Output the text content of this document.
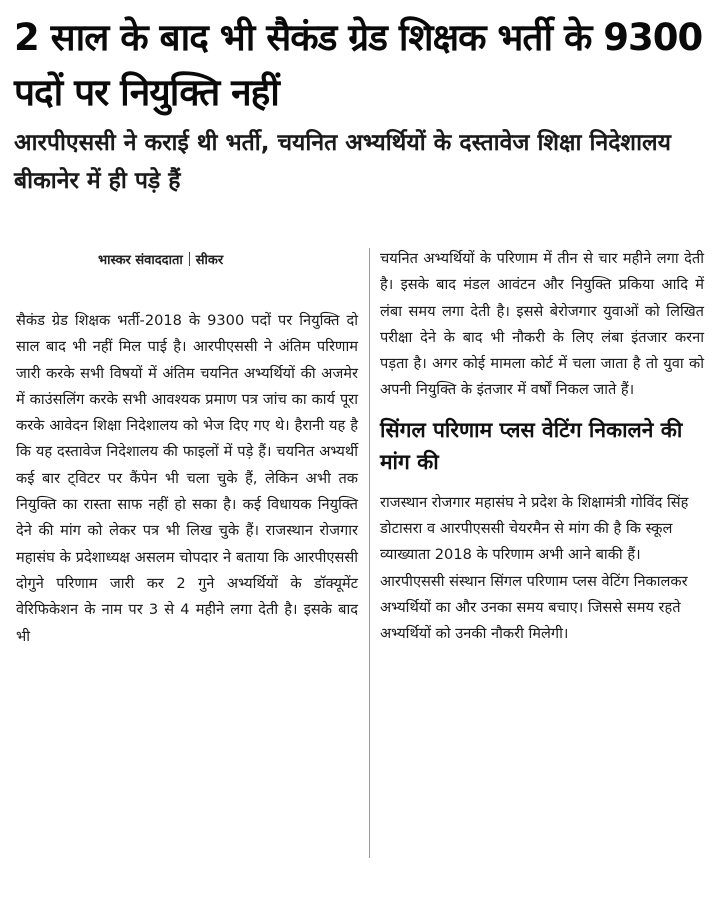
2 साल के बाद भी सैकंड ग्रेड शिक्षक भर्ती के 9300 पदों पर नियुक्ति नहीं
आरपीएससी ने कराई थी भर्ती, चयनित अभ्यर्थियों के दस्तावेज शिक्षा निदेशालय बीकानेर में ही पड़े हैं
भास्कर संवाददाता सीकर

सैकंड ग्रेड शिक्षक भर्ती-2018 के 9300 पदों पर नियुक्ति दो साल बाद भी नहीं मिल पाई है। आरपीएससी ने अंतिम परिणाम जारी करके सभी विषयों में अंतिम चयनित अभ्यर्थियों की अजमेर में काउंसलिंग करके सभी आवश्यक प्रमाण पत्र जांच का कार्य पूरा करके आवेदन शिक्षा निदेशालय को भेज दिए गए थे। हैरानी यह है कि यह दस्तावेज निदेशालय की फाइलों में पड़े हैं। चयनित अभ्यर्थी कई बार ट्विटर पर कैंपेन भी चला चुके हैं, लेकिन अभी तक नियुक्ति का रास्ता साफ नहीं हो सका है। कई विधायक नियुक्ति देने की मांग को लेकर पत्र भी लिख चुके हैं। राजस्थान रोजगार महासंघ के प्रदेशाध्यक्ष असलम चोपदार ने बताया कि आरपीएससी दोगुने परिणाम जारी कर 2 गुने अभ्यर्थियों के डॉक्यूमेंट वेरिफिकेशन के नाम पर 3 से 4 महीने लगा देती है। इसके बाद भी

चयनित अभ्यर्थियों के परिणाम में तीन से चार महीने लगा देती है। इसके बाद मंडल आवंटन और नियुक्ति प्रकिया आदि में लंबा समय लगा देती है। इससे बेरोजगार युवाओं को लिखित परीक्षा देने के बाद भी नौकरी के लिए लंबा इंतजार करना पड़ता है। अगर कोई मामला कोर्ट में चला जाता है तो युवा को अपनी नियुक्ति के इंतजार में वर्षों निकल जाते हैं।

सिंगल परिणाम प्लस वेटिंग निकालने की मांग की

राजस्थान रोजगार महासंघ ने प्रदेश के शिक्षामंत्री गोविंद सिंह डोटासरा व आरपीएससी चेयरमैन से मांग की है कि स्कूल व्याख्याता 2018 के परिणाम अभी आने बाकी हैं। आरपीएससी संस्थान सिंगल परिणाम प्लस वेटिंग निकालकर अभ्यर्थियों का और उनका समय बचाए। जिससे समय रहते अभ्यर्थियों को उनकी नौकरी मिलेगी।
